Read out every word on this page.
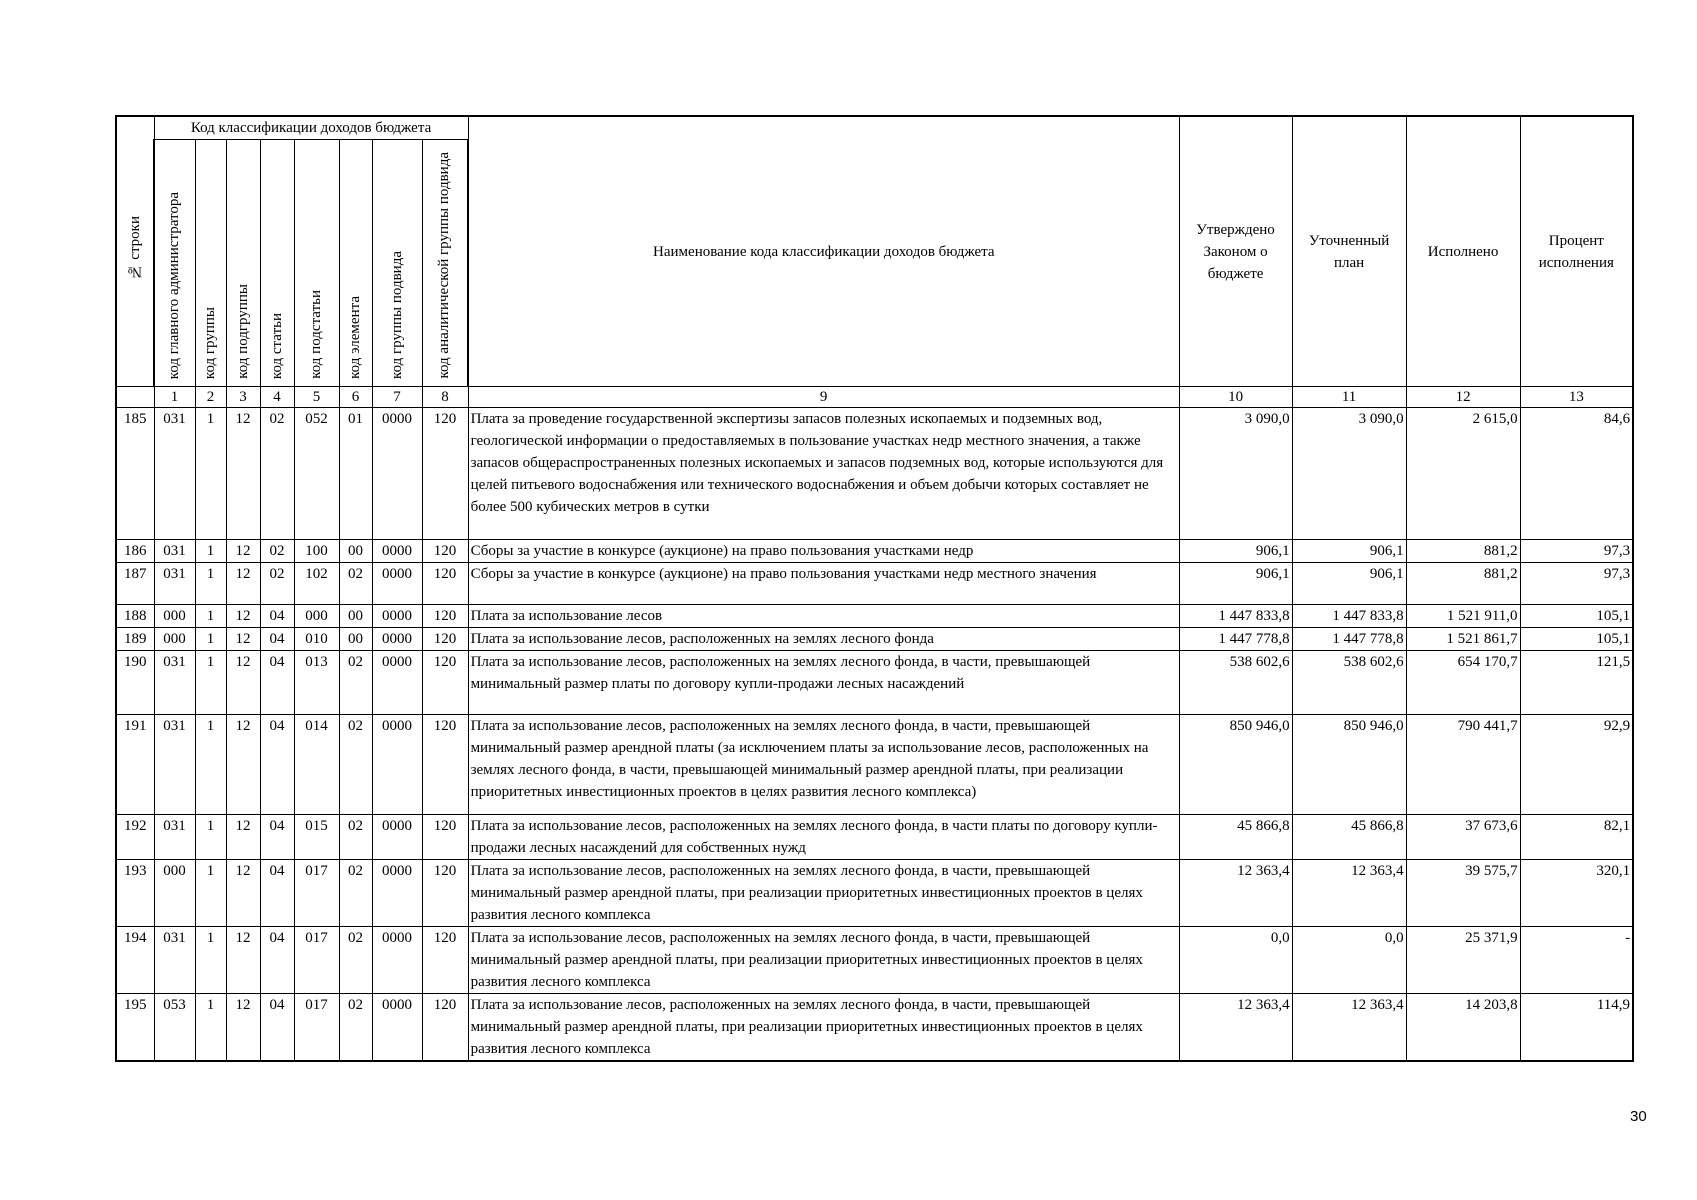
№ строки	Код классификации доходов бюджета								Наименование кода классификации доходов бюджета	Утверждено Законом о бюджете	Уточненный план	Исполнено	Процент исполнения
	код главного администратора	код группы	код подгруппы	код статьи	код подстатьи	код элемента	код группы подвида	код аналитической группы подвида					
	1	2	3	4	5	6	7	8	9	10	11	12	13
185	031	1	12	02	052	01	0000	120	Плата за проведение государственной экспертизы запасов полезных ископаемых и подземных вод, геологической информации о предоставляемых в пользование участках недр местного значения, а также запасов общераспространенных полезных ископаемых и запасов подземных вод, которые используются для целей питьевого водоснабжения или технического водоснабжения и объем добычи которых составляет не более 500 кубических метров в сутки	3 090,0	3 090,0	2 615,0	84,6
186	031	1	12	02	100	00	0000	120	Сборы за участие в конкурсе (аукционе) на право пользования участками недр	906,1	906,1	881,2	97,3
187	031	1	12	02	102	02	0000	120	Сборы за участие в конкурсе (аукционе) на право пользования участками недр местного значения	906,1	906,1	881,2	97,3
188	000	1	12	04	000	00	0000	120	Плата за использование лесов	1 447 833,8	1 447 833,8	1 521 911,0	105,1
189	000	1	12	04	010	00	0000	120	Плата за использование лесов, расположенных на землях лесного фонда	1 447 778,8	1 447 778,8	1 521 861,7	105,1
190	031	1	12	04	013	02	0000	120	Плата за использование лесов, расположенных на землях лесного фонда, в части, превышающей минимальный размер платы по договору купли-продажи лесных насаждений	538 602,6	538 602,6	654 170,7	121,5
191	031	1	12	04	014	02	0000	120	Плата за использование лесов, расположенных на землях лесного фонда, в части, превышающей минимальный размер арендной платы (за исключением платы за использование лесов, расположенных на землях лесного фонда, в части, превышающей минимальный размер арендной платы, при реализации приоритетных инвестиционных проектов в целях развития лесного комплекса)	850 946,0	850 946,0	790 441,7	92,9
192	031	1	12	04	015	02	0000	120	Плата за использование лесов, расположенных на землях лесного фонда, в части платы по договору купли-продажи лесных насаждений для собственных нужд	45 866,8	45 866,8	37 673,6	82,1
193	000	1	12	04	017	02	0000	120	Плата за использование лесов, расположенных на землях лесного фонда, в части, превышающей минимальный размер арендной платы, при реализации приоритетных инвестиционных проектов в целях развития лесного комплекса	12 363,4	12 363,4	39 575,7	320,1
194	031	1	12	04	017	02	0000	120	Плата за использование лесов, расположенных на землях лесного фонда, в части, превышающей минимальный размер арендной платы, при реализации приоритетных инвестиционных проектов в целях развития лесного комплекса	0,0	0,0	25 371,9	-
195	053	1	12	04	017	02	0000	120	Плата за использование лесов, расположенных на землях лесного фонда, в части, превышающей минимальный размер арендной платы, при реализации приоритетных инвестиционных проектов в целях развития лесного комплекса	12 363,4	12 363,4	14 203,8	114,9
30
